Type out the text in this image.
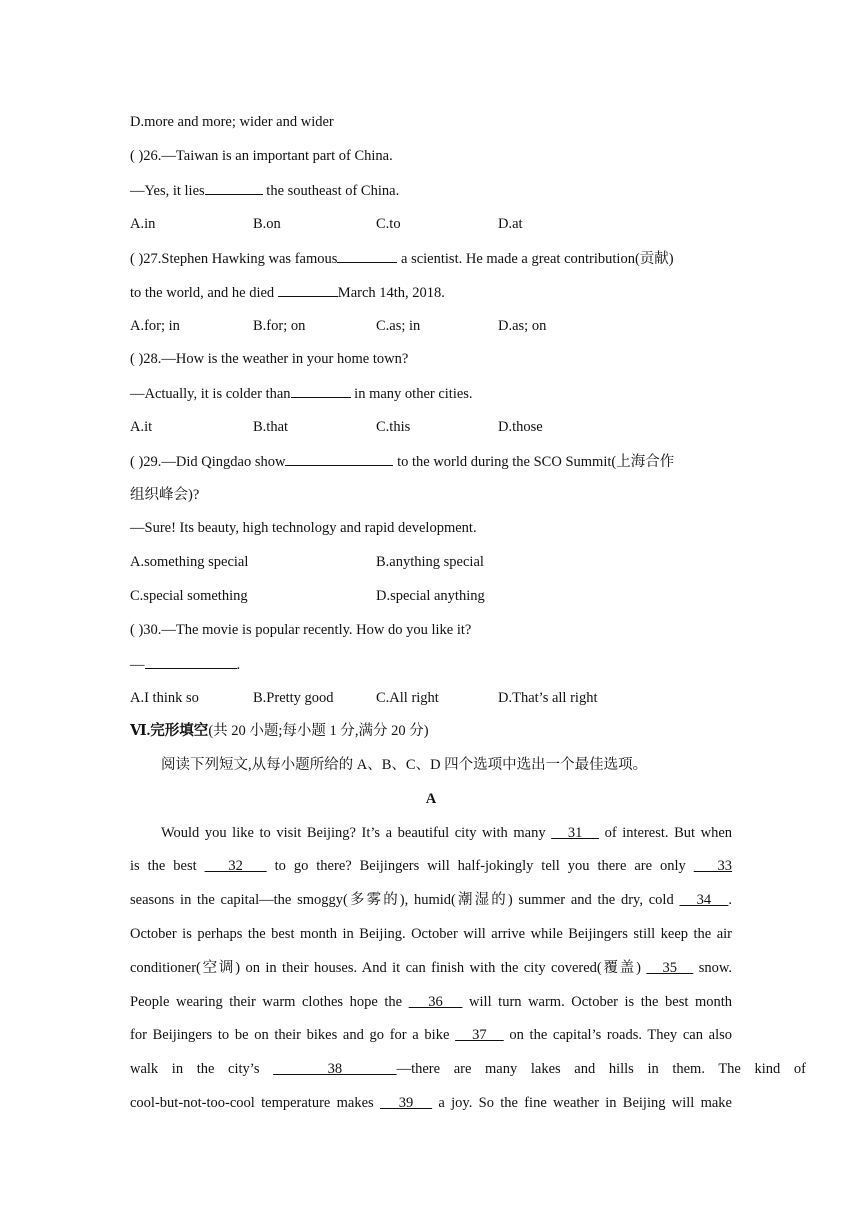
D.more and more; wider and wider
( )26.—Taiwan is an important part of China.
—Yes, it lies	the southeast of China.
A.in	B.on	C.to	D.at
( )27.Stephen Hawking was famous	a scientist. He made a great contribution(贡献)
to the world, and he died	March 14th, 2018.
A.for; in	B.for; on	C.as; in	D.as; on
( )28.—How is the weather in your home town?
—Actually, it is colder than	in many other cities.
A.it	B.that	C.this	D.those
( )29.—Did Qingdao show	to the world during the SCO Summit(上海合作
组织峰会)?
—Sure! Its beauty, high technology and rapid development.
A.something special	B.anything special
C.special something	D.special anything
( )30.—The movie is popular recently. How do you like it?
—	.
A.I think so	B.Pretty good	C.All right	D.That’s all right
Ⅵ.完形填空(共 20 小题;每小题 1 分,满分 20 分)
阅读下列短文,从每小题所给的 A、B、C、D 四个选项中选出一个最佳选项。
A
Would you like to visit Beijing? It’s a beautiful city with many    31    of interest. But when
is the best    32    to go there? Beijingers will half-jokingly tell you there are only    33
seasons in the capital—the smoggy(多雾的), humid(潮湿的) summer and the dry, cold    34   .
October is perhaps the best month in Beijing. October will arrive while Beijingers still keep the air
conditioner(空调) on in their houses. And it can finish with the city covered(覆盖)    35    snow.
People wearing their warm clothes hope the    36    will turn warm. October is the best month
for Beijingers to be on their bikes and go for a bike    37    on the capital’s roads. They can also
walk in the city’s     38    —there are many lakes and hills in them. The kind of
cool-but-not-too-cool temperature makes    39    a joy. So the fine weather in Beijing will make
